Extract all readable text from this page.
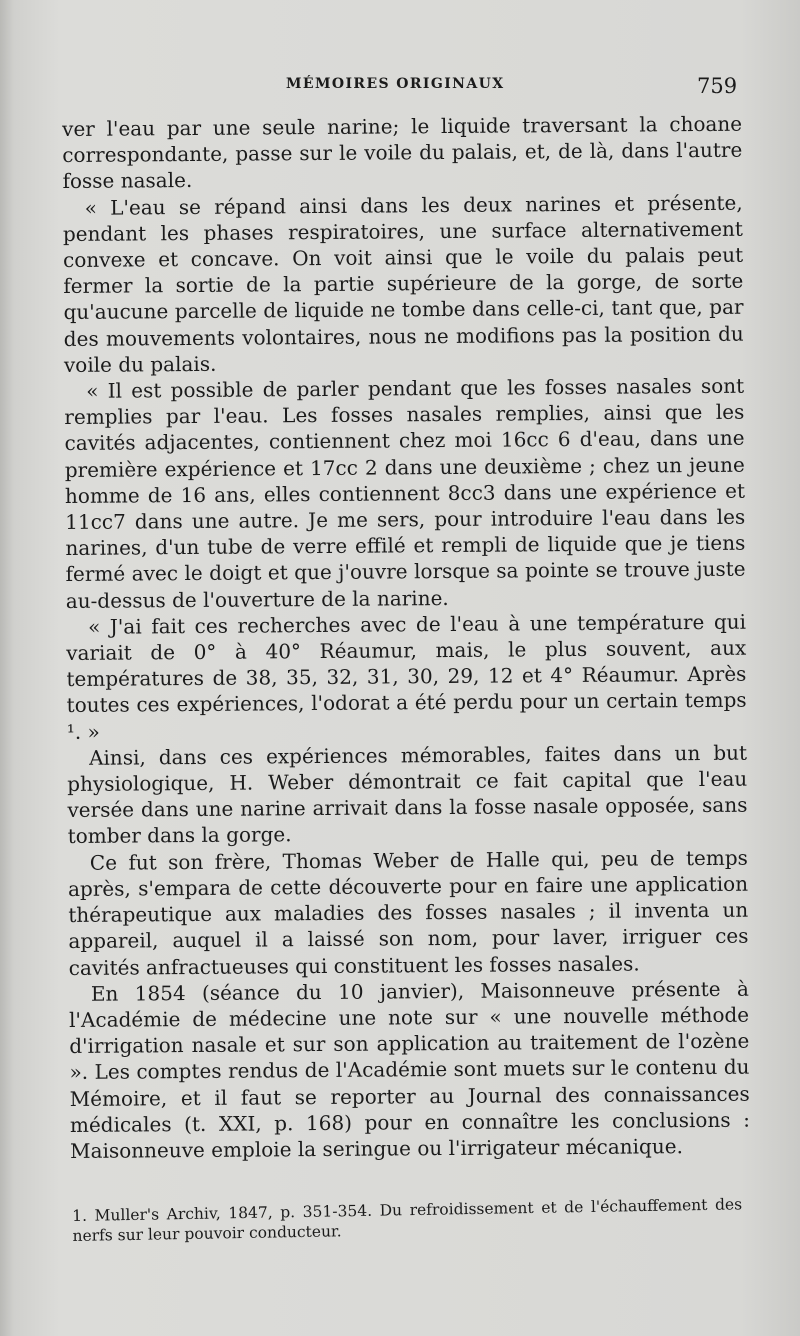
MÉMOIRES ORIGINAUX	759

ver l'eau par une seule narine; le liquide traversant la choane correspondante, passe sur le voile du palais, et, de là, dans l'autre fosse nasale.

« L'eau se répand ainsi dans les deux narines et présente, pendant les phases respiratoires, une surface alternativement convexe et concave. On voit ainsi que le voile du palais peut fermer la sortie de la partie supérieure de la gorge, de sorte qu'aucune parcelle de liquide ne tombe dans celle-ci, tant que, par des mouvements volontaires, nous ne modifions pas la position du voile du palais.

« Il est possible de parler pendant que les fosses nasales sont remplies par l'eau. Les fosses nasales remplies, ainsi que les cavités adjacentes, contiennent chez moi 16cc 6 d'eau, dans une première expérience et 17cc 2 dans une deuxième ; chez un jeune homme de 16 ans, elles contiennent 8cc3 dans une expérience et 11cc7 dans une autre. Je me sers, pour introduire l'eau dans les narines, d'un tube de verre effilé et rempli de liquide que je tiens fermé avec le doigt et que j'ouvre lorsque sa pointe se trouve juste au-dessus de l'ouverture de la narine.

« J'ai fait ces recherches avec de l'eau à une température qui variait de 0° à 40° Réaumur, mais, le plus souvent, aux températures de 38, 35, 32, 31, 30, 29, 12 et 4° Réaumur. Après toutes ces expériences, l'odorat a été perdu pour un certain temps ¹. »

Ainsi, dans ces expériences mémorables, faites dans un but physiologique, H. Weber démontrait ce fait capital que l'eau versée dans une narine arrivait dans la fosse nasale opposée, sans tomber dans la gorge.

Ce fut son frère, Thomas Weber de Halle qui, peu de temps après, s'empara de cette découverte pour en faire une application thérapeutique aux maladies des fosses nasales ; il inventa un appareil, auquel il a laissé son nom, pour laver, irriguer ces cavités anfractueuses qui constituent les fosses nasales.

En 1854 (séance du 10 janvier), Maisonneuve présente à l'Académie de médecine une note sur « une nouvelle méthode d'irrigation nasale et sur son application au traitement de l'ozène ». Les comptes rendus de l'Académie sont muets sur le contenu du Mémoire, et il faut se reporter au Journal des connaissances médicales (t. XXI, p. 168) pour en connaître les conclusions : Maisonneuve emploie la seringue ou l'irrigateur mécanique.

1. Muller's Archiv, 1847, p. 351-354. Du refroidissement et de l'échauffement des nerfs sur leur pouvoir conducteur.
